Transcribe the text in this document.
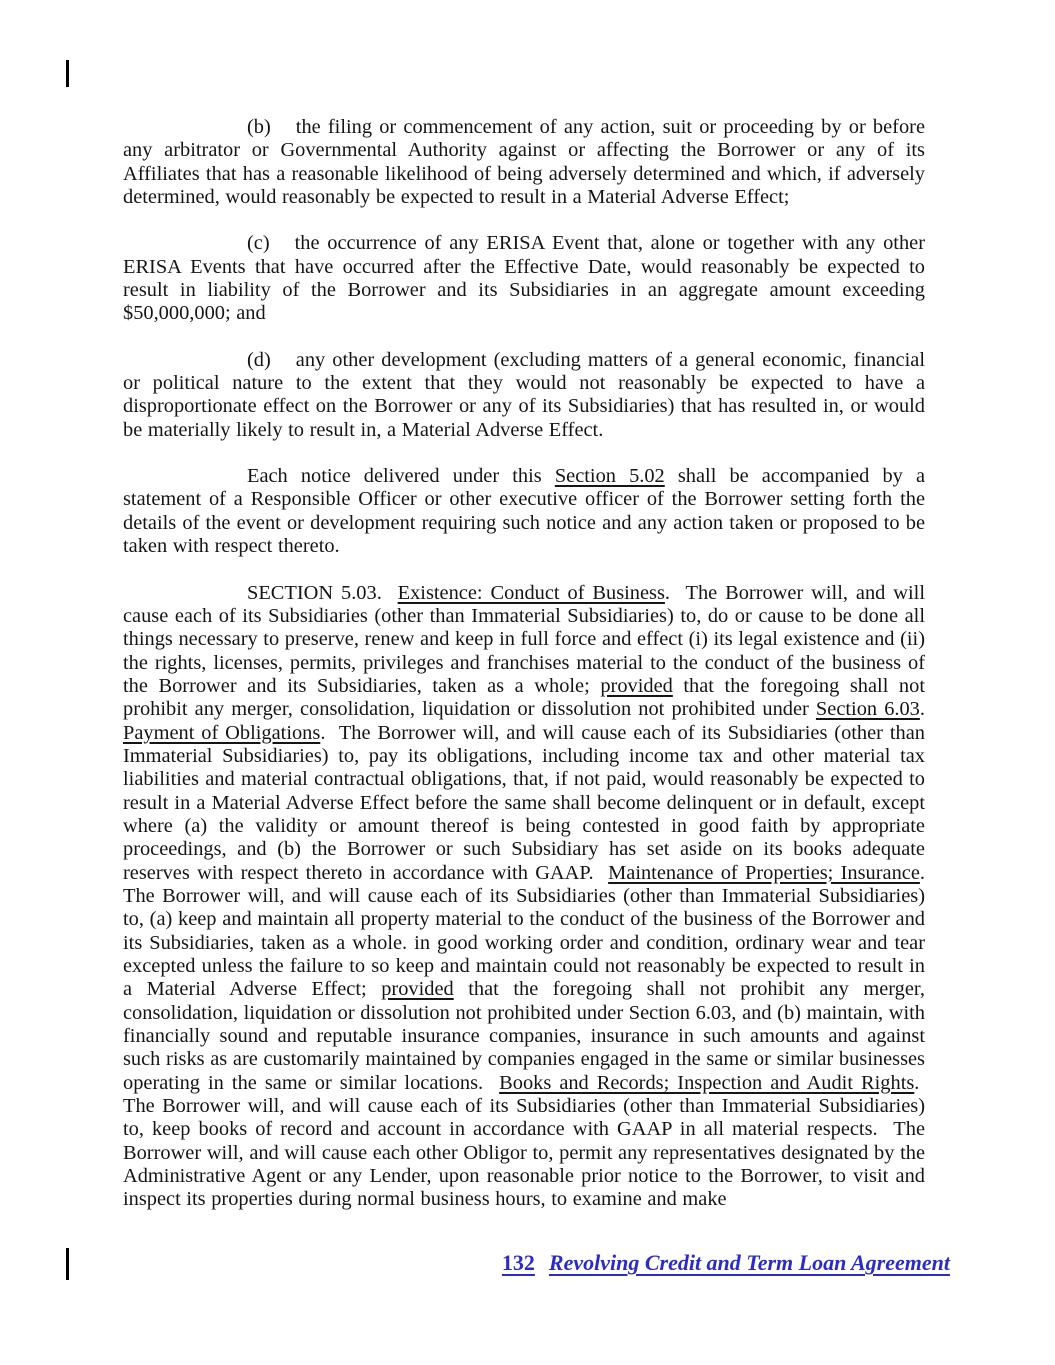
(b) the filing or commencement of any action, suit or proceeding by or before any arbitrator or Governmental Authority against or affecting the Borrower or any of its Affiliates that has a reasonable likelihood of being adversely determined and which, if adversely determined, would reasonably be expected to result in a Material Adverse Effect;

(c) the occurrence of any ERISA Event that, alone or together with any other ERISA Events that have occurred after the Effective Date, would reasonably be expected to result in liability of the Borrower and its Subsidiaries in an aggregate amount exceeding $50,000,000; and

(d) any other development (excluding matters of a general economic, financial or political nature to the extent that they would not reasonably be expected to have a disproportionate effect on the Borrower or any of its Subsidiaries) that has resulted in, or would be materially likely to result in, a Material Adverse Effect.

Each notice delivered under this Section 5.02 shall be accompanied by a statement of a Responsible Officer or other executive officer of the Borrower setting forth the details of the event or development requiring such notice and any action taken or proposed to be taken with respect thereto.

SECTION 5.03.  Existence: Conduct of Business.  The Borrower will, and will cause each of its Subsidiaries (other than Immaterial Subsidiaries) to, do or cause to be done all things necessary to preserve, renew and keep in full force and effect (i) its legal existence and (ii) the rights, licenses, permits, privileges and franchises material to the conduct of the business of the Borrower and its Subsidiaries, taken as a whole; provided that the foregoing shall not prohibit any merger, consolidation, liquidation or dissolution not prohibited under Section 6.03. Payment of Obligations.  The Borrower will, and will cause each of its Subsidiaries (other than Immaterial Subsidiaries) to, pay its obligations, including income tax and other material tax liabilities and material contractual obligations, that, if not paid, would reasonably be expected to result in a Material Adverse Effect before the same shall become delinquent or in default, except where (a) the validity or amount thereof is being contested in good faith by appropriate proceedings, and (b) the Borrower or such Subsidiary has set aside on its books adequate reserves with respect thereto in accordance with GAAP.  Maintenance of Properties; Insurance. The Borrower will, and will cause each of its Subsidiaries (other than Immaterial Subsidiaries) to, (a) keep and maintain all property material to the conduct of the business of the Borrower and its Subsidiaries, taken as a whole. in good working order and condition, ordinary wear and tear excepted unless the failure to so keep and maintain could not reasonably be expected to result in a Material Adverse Effect; provided that the foregoing shall not prohibit any merger, consolidation, liquidation or dissolution not prohibited under Section 6.03, and (b) maintain, with financially sound and reputable insurance companies, insurance in such amounts and against such risks as are customarily maintained by companies engaged in the same or similar businesses operating in the same or similar locations.  Books and Records; Inspection and Audit Rights.  The Borrower will, and will cause each of its Subsidiaries (other than Immaterial Subsidiaries) to, keep books of record and account in accordance with GAAP in all material respects.  The Borrower will, and will cause each other Obligor to, permit any representatives designated by the Administrative Agent or any Lender, upon reasonable prior notice to the Borrower, to visit and inspect its properties during normal business hours, to examine and make

132 Revolving Credit and Term Loan Agreement
